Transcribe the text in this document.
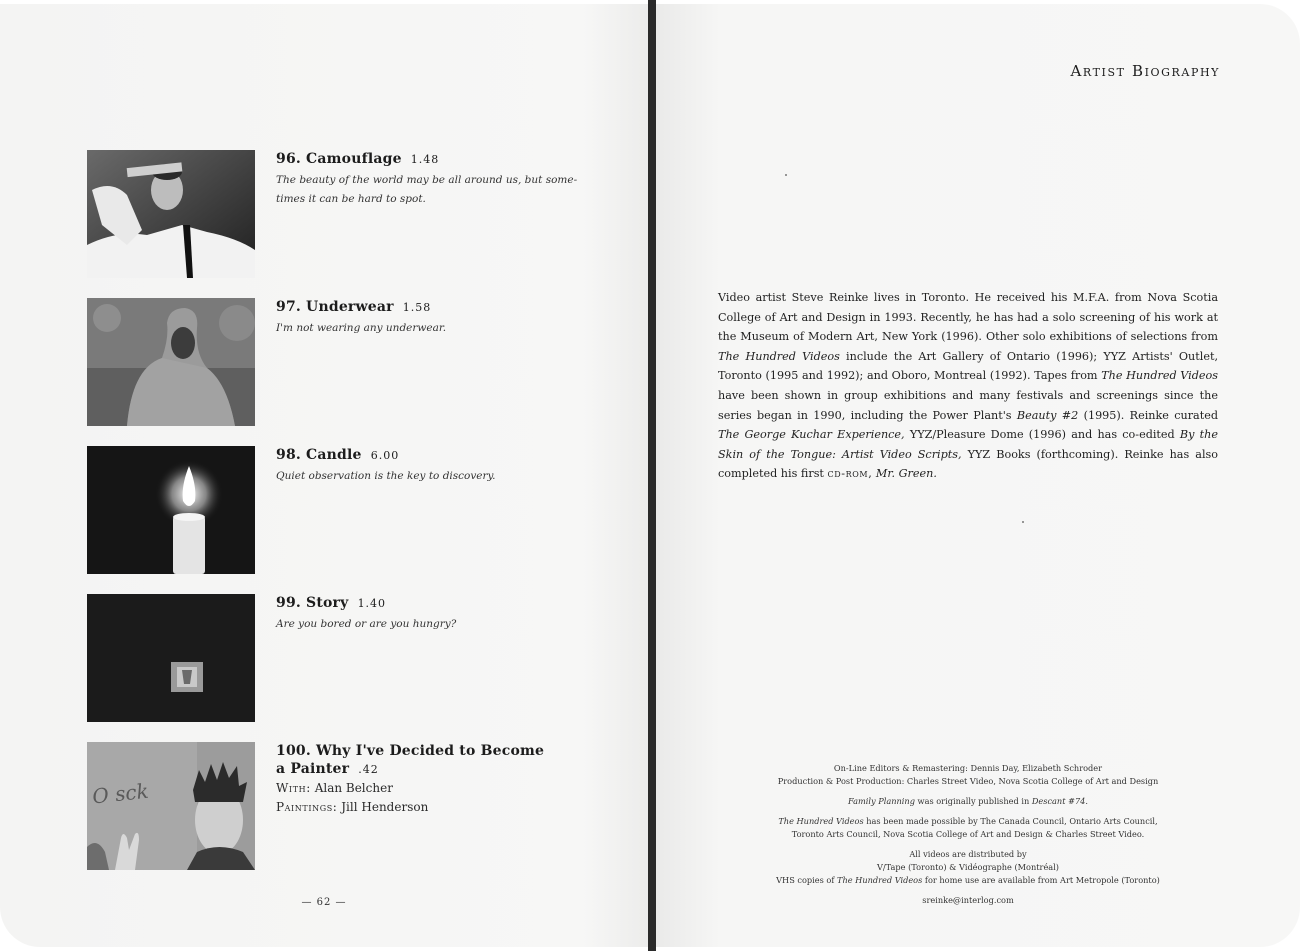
96. Camouflage 1.48
The beauty of the world may be all around us, but some-
times it can be hard to spot.
97. Underwear 1.58
I'm not wearing any underwear.
98. Candle 6.00
Quiet observation is the key to discovery.
99. Story 1.40
Are you bored or are you hungry?
O sck
100. Why I've Decided to Become
a Painter .42
With: Alan Belcher
Paintings: Jill Henderson
— 62 —
Artist Biography
Video artist Steve Reinke lives in Toronto. He received his M.F.A. from Nova Scotia College of Art and Design in 1993. Recently, he has had a solo screening of his work at the Museum of Modern Art, New York (1996). Other solo exhibitions of selections from The Hundred Videos include the Art Gallery of Ontario (1996); YYZ Artists' Outlet, Toronto (1995 and 1992); and Oboro, Montreal (1992). Tapes from The Hundred Videos have been shown in group exhibitions and many festivals and screenings since the series began in 1990, including the Power Plant's Beauty #2 (1995). Reinke curated The George Kuchar Experience, YYZ/Pleasure Dome (1996) and has co-edited By the Skin of the Tongue: Artist Video Scripts, YYZ Books (forthcoming). Reinke has also completed his first cd-rom, Mr. Green.

On-Line Editors & Remastering: Dennis Day, Elizabeth Schroder
Production & Post Production: Charles Street Video, Nova Scotia College of Art and Design

Family Planning was originally published in Descant #74.

The Hundred Videos has been made possible by The Canada Council, Ontario Arts Council,
Toronto Arts Council, Nova Scotia College of Art and Design & Charles Street Video.

All videos are distributed by
V/Tape (Toronto) & Vidéographe (Montréal)
VHS copies of The Hundred Videos for home use are available from Art Metropole (Toronto)

sreinke@interlog.com
